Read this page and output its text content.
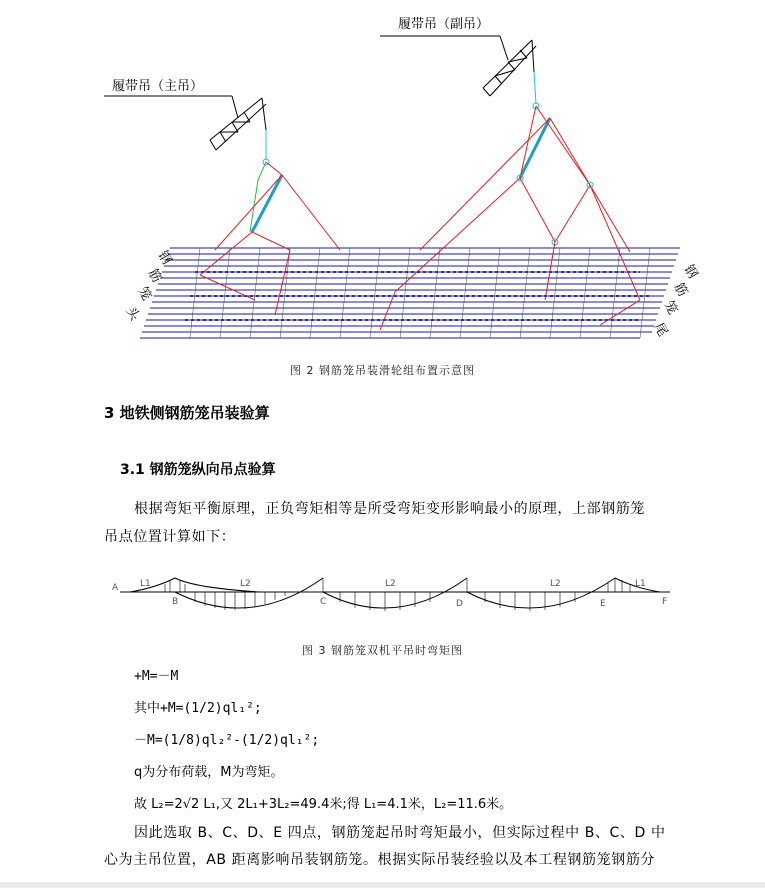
履带吊（主吊）
履带吊（副吊）
钢
筋
笼
头
钢
筋
笼
尾
图 2 钢筋笼吊装滑轮组布置示意图
3 地铁侧钢筋笼吊装验算
3.1 钢筋笼纵向吊点验算
根据弯矩平衡原理，正负弯矩相等是所受弯矩变形影响最小的原理，上部钢筋笼
吊点位置计算如下：
A
B	C	D	E	F
L1	L2	L2	L2	L1
图 3 钢筋笼双机平吊时弯矩图
+M=－M
其中+M=(1/2)ql₁²;
－M=(1/8)ql₂²-(1/2)ql₁²;
q为分布荷载，M为弯矩。
故 L₂=2√2 L₁,又 2L₁+3L₂=49.4米;得 L₁=4.1米，L₂=11.6米。
因此选取 B、C、D、E 四点，钢筋笼起吊时弯矩最小，但实际过程中 B、C、D 中
心为主吊位置，AB 距离影响吊装钢筋笼。根据实际吊装经验以及本工程钢筋笼钢筋分
